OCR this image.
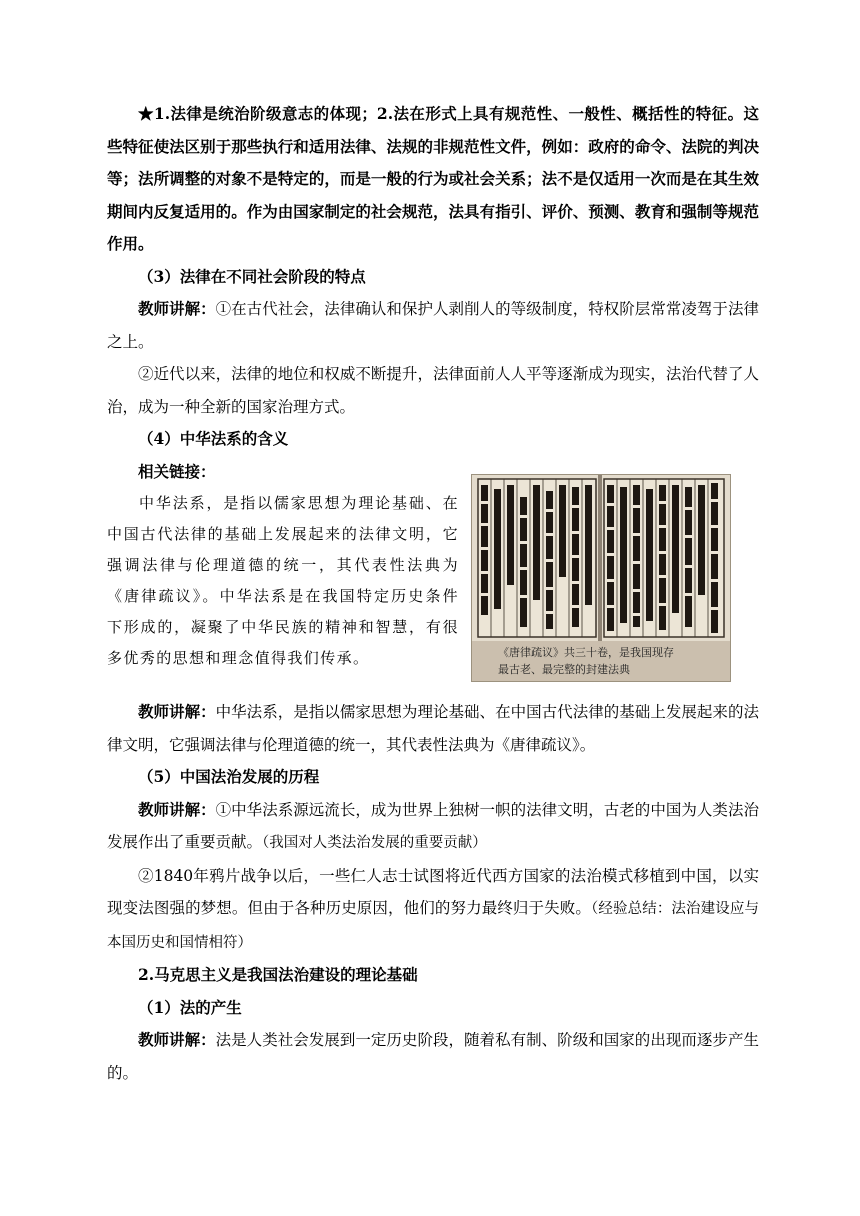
★1.法律是统治阶级意志的体现；2.法在形式上具有规范性、一般性、概括性的特征。这些特征使法区别于那些执行和适用法律、法规的非规范性文件，例如：政府的命令、法院的判决等；法所调整的对象不是特定的，而是一般的行为或社会关系；法不是仅适用一次而是在其生效期间内反复适用的。作为由国家制定的社会规范，法具有指引、评价、预测、教育和强制等规范作用。

（3）法律在不同社会阶段的特点

教师讲解：①在古代社会，法律确认和保护人剥削人的等级制度，特权阶层常常凌驾于法律之上。

②近代以来，法律的地位和权威不断提升，法律面前人人平等逐渐成为现实，法治代替了人治，成为一种全新的国家治理方式。

（4）中华法系的含义

相关链接：

中华法系，是指以儒家思想为理论基础、在中国古代法律的基础上发展起来的法律文明，它强调法律与伦理道德的统一，其代表性法典为《唐律疏议》。中华法系是在我国特定历史条件下形成的，凝聚了中华民族的精神和智慧，有很多优秀的思想和理念值得我们传承。	《唐律疏议》共三十卷，是我国现存
最古老、最完整的封建法典

教师讲解：中华法系，是指以儒家思想为理论基础、在中国古代法律的基础上发展起来的法律文明，它强调法律与伦理道德的统一，其代表性法典为《唐律疏议》。

（5）中国法治发展的历程

教师讲解：①中华法系源远流长，成为世界上独树一帜的法律文明，古老的中国为人类法治发展作出了重要贡献。（我国对人类法治发展的重要贡献）

②1840年鸦片战争以后，一些仁人志士试图将近代西方国家的法治模式移植到中国，以实现变法图强的梦想。但由于各种历史原因，他们的努力最终归于失败。（经验总结：法治建设应与本国历史和国情相符）

2.马克思主义是我国法治建设的理论基础

（1）法的产生

教师讲解：法是人类社会发展到一定历史阶段，随着私有制、阶级和国家的出现而逐步产生的。
